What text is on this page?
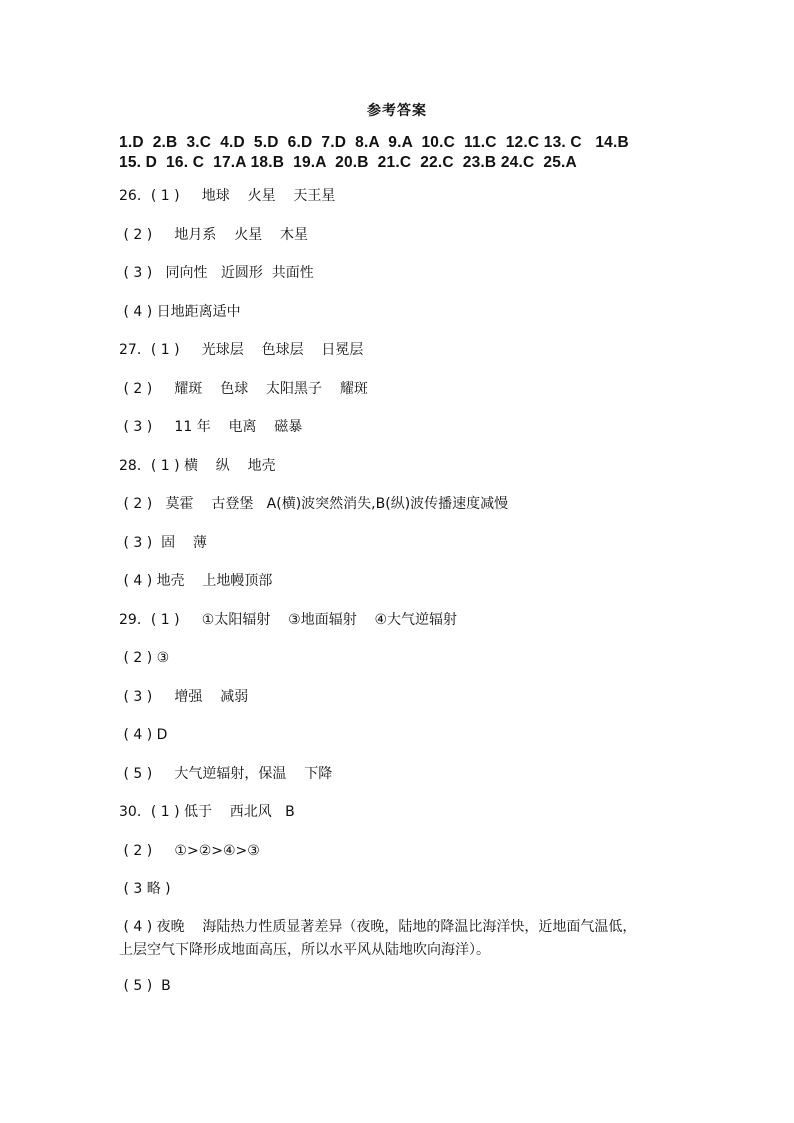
参考答案
1.D  2.B  3.C  4.D  5.D  6.D  7.D  8.A  9.A  10.C  11.C  12.C 13. C   14.B
15. D  16. C  17.A 18.B  19.A  20.B  21.C  22.C  23.B 24.C  25.A
26．( 1 )     地球    火星    天王星
( 2 )     地月系    火星    木星
( 3 )   同向性   近圆形  共面性
( 4 ) 日地距离适中
27．( 1 )     光球层    色球层    日冕层
( 2 )     耀斑    色球    太阳黑子    耀斑
( 3 )     11 年    电离    磁暴
28．( 1 ) 横    纵    地壳
( 2 )   莫霍    古登堡   A(横)波突然消失,B(纵)波传播速度减慢
( 3 )  固    薄
( 4 ) 地壳    上地幔顶部
29．( 1 )     ①太阳辐射    ③地面辐射    ④大气逆辐射
( 2 ) ③
( 3 )     增强    减弱
( 4 ) D
( 5 )     大气逆辐射，保温    下降
30．( 1 ) 低于    西北风   B
( 2 )     ①>②>④>③
( 3 略 )
( 4 ) 夜晚    海陆热力性质显著差异（夜晚，陆地的降温比海洋快，近地面气温低，
上层空气下降形成地面高压，所以水平风从陆地吹向海洋）。
( 5 )  B
